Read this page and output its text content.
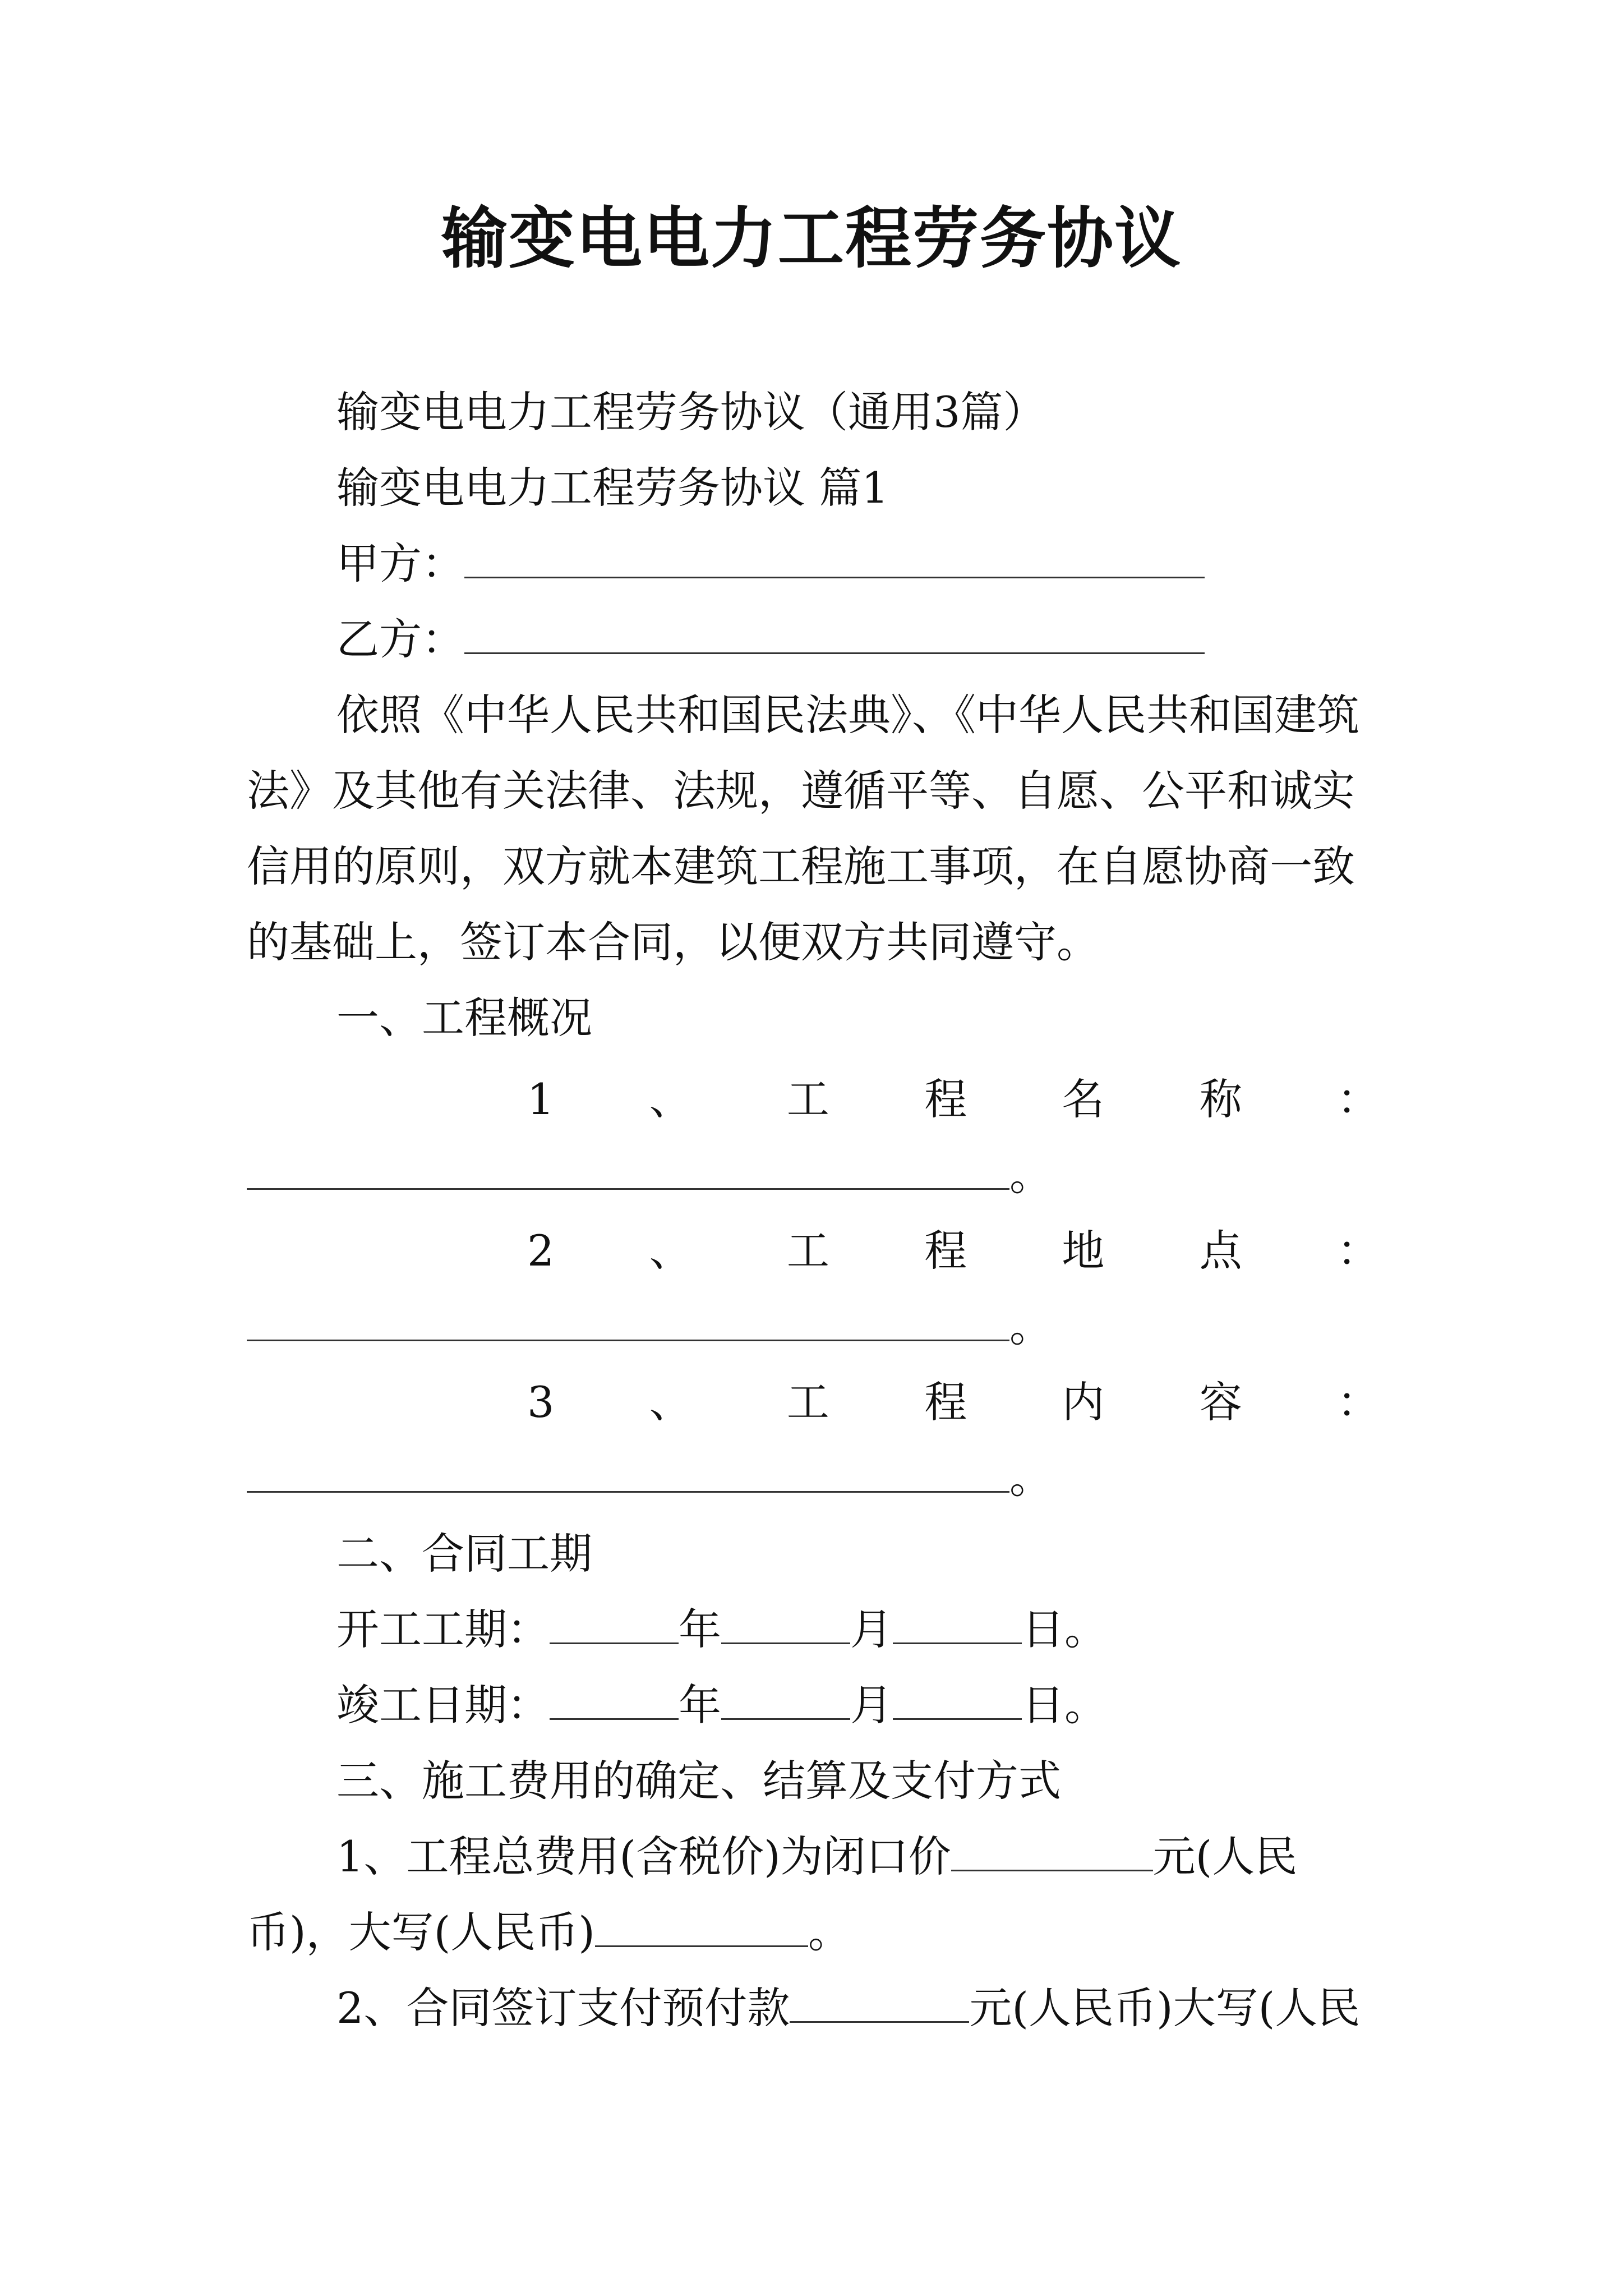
输变电电力工程劳务协议
输变电电力工程劳务协议（通用3篇）
输变电电力工程劳务协议 篇1
甲方：
乙方：
依照《中华人民共和国民法典》、《中华人民共和国建筑
法》及其他有关法律、法规，遵循平等、自愿、公平和诚实
信用的原则，双方就本建筑工程施工事项，在自愿协商一致
的基础上，签订本合同，以便双方共同遵守。
一、工程概况
1 、 工 程 名 称 ：
。
2 、 工 程 地 点 ：
。
3 、 工 程 内 容 ：
。
二、合同工期
开工工期：	年	月	日。
竣工日期：	年	月	日。
三、施工费用的确定、结算及支付方式
1、工程总费用(含税价)为闭口价	元(人民
币)，大写(人民币)	。
2、合同签订支付预付款	元(人民币)大写(人民
